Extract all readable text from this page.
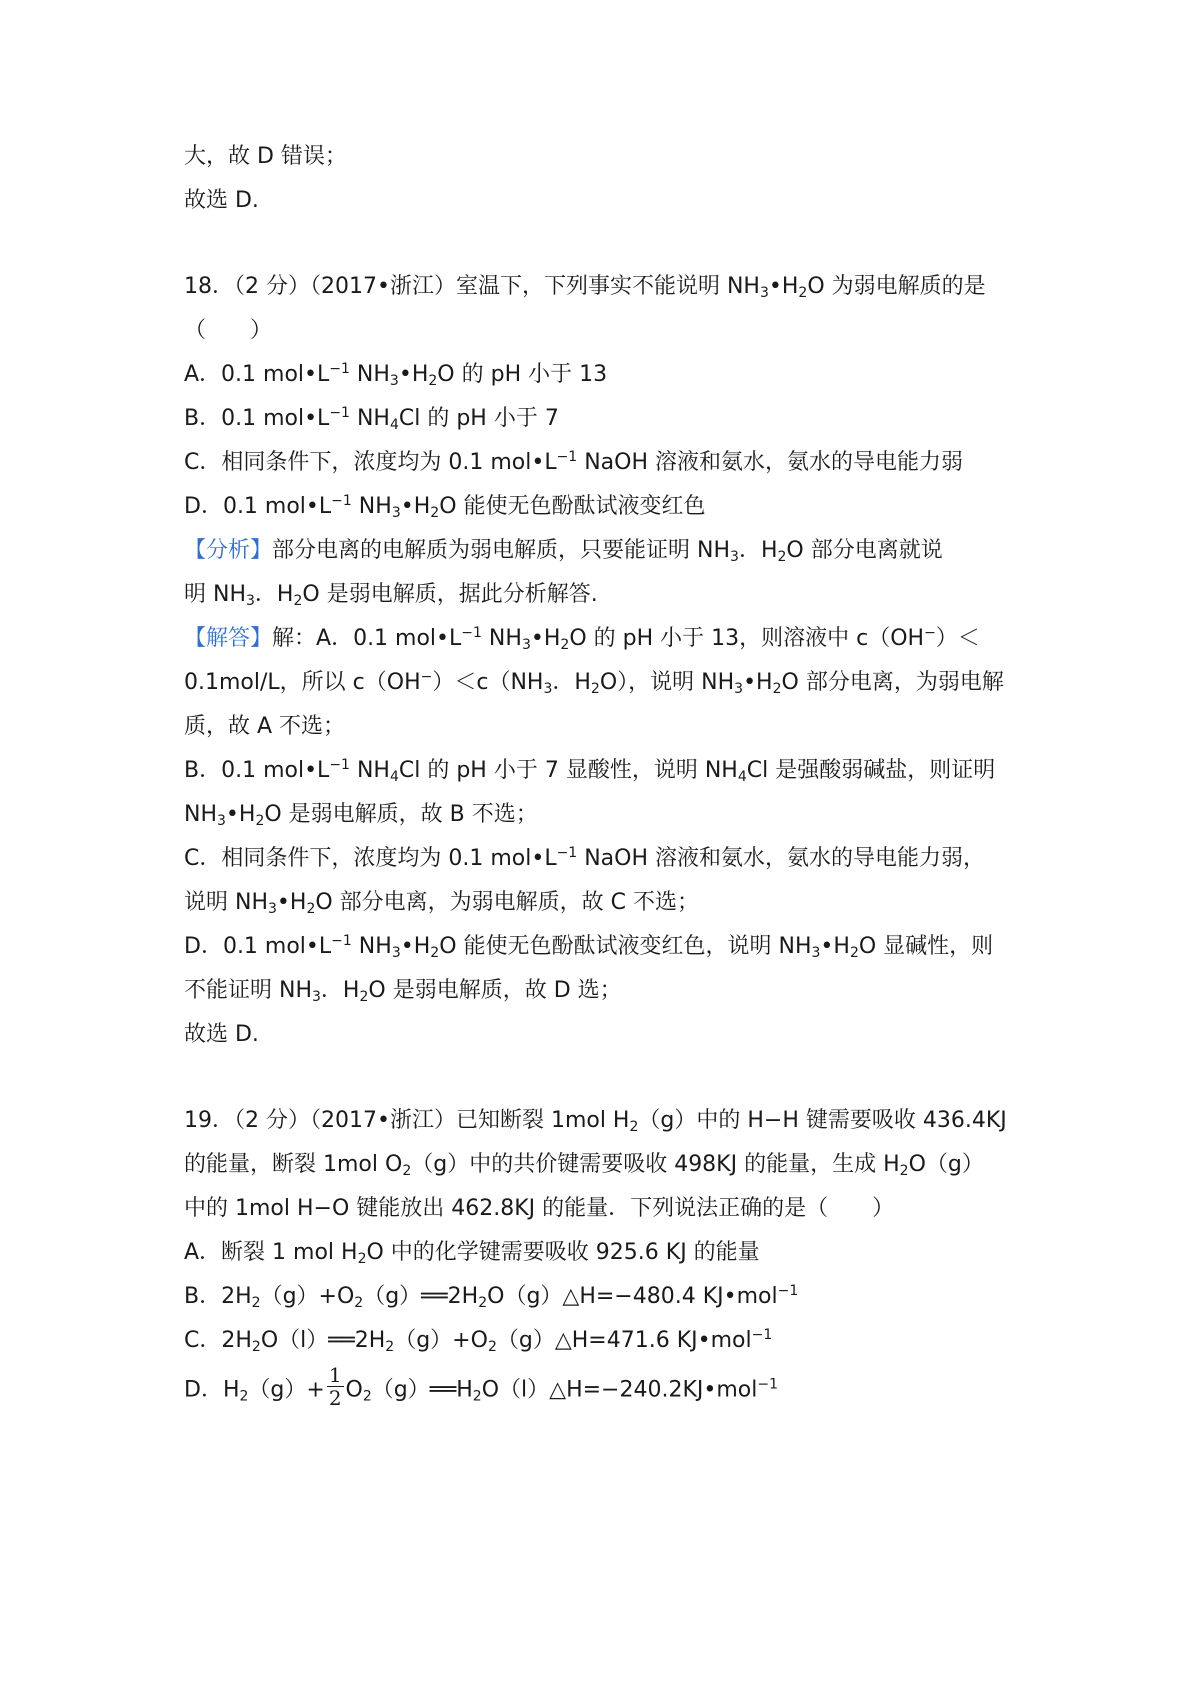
大，故 D 错误；
故选 D.
18．（2 分）（2017•浙江）室温下，下列事实不能说明 $NH_3•H_2O$ 为弱电解质的是
（　　）
A．0.1 $mol•L^{-1}$ $NH_3•H_2O$ 的 pH 小于 13
B．0.1 $mol•L^{-1}$ $NH_4Cl$ 的 pH 小于 7
C．相同条件下，浓度均为 0.1 $mol•L^{-1}$ NaOH 溶液和氨水，氨水的导电能力弱
D．0.1 $mol•L^{-1}$ $NH_3•H_2O$ 能使无色酚酞试液变红色
【分析】部分电离的电解质为弱电解质，只要能证明 $NH_3$．$H_2O$ 部分电离就说
明 $NH_3$．$H_2O$ 是弱电解质，据此分析解答.
【解答】解：A．0.1 $mol•L^{-1}$ $NH_3•H_2O$ 的 pH 小于 13，则溶液中 c（OH−）＜
0.1mol/L，所以 $c(OH^-)<c(NH_3$．$H_2O$），说明 $NH_3•H_2O$ 部分电离，为弱电解
质，故 A 不选；
B．0.1 $mol•L^{-1}$ $NH_4Cl$ 的 pH 小于 7 显酸性，说明 $NH_4Cl$ 是强酸弱碱盐，则证明
$NH_3•H_2O$ 是弱电解质，故 B 不选；
C．相同条件下，浓度均为 0.1 $mol•L^{-1}$ NaOH 溶液和氨水，氨水的导电能力弱，
说明 $NH_3•H_2O$ 部分电离，为弱电解质，故 C 不选；
D．0.1 $mol•L^{-1}$ $NH_3•H_2O$ 能使无色酚酞试液变红色，说明 $NH_3•H_2O$ 显碱性，则
不能证明 $NH_3$．$H_2O$ 是弱电解质，故 D 选；
故选 D.
19．（2 分）（2017•浙江）已知断裂 1mol $H_2(g)$中的 H−H 键需要吸收 436.4KJ
的能量，断裂 1mol $O_2(g)$中的共价键需要吸收 498KJ 的能量，生成 $H_2O(g)$
中的 1mol H−O 键能放出 462.8KJ 的能量．下列说法正确的是（　　）
A．断裂 1 mol $H_2O$ 中的化学键需要吸收 925.6 KJ 的能量
B．$2H_2(g)+O_2(g)══2H_2O(g)\triangle H=-480.4$ KJ•mol$^{-1}$
C．$2H_2O(l)══2H_2(g)+O_2(g)\triangle H=471.6$ KJ•mol$^{-1}$
D．$H_2(g)+ \frac{1}{2}$ $O_2(g)══H_2O(l)\triangle H=-240.2KJ•mol^{-1}$
